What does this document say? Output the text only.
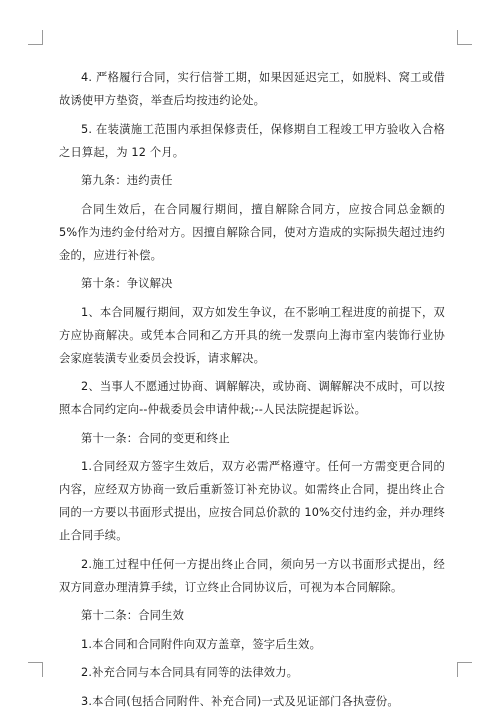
4. 严格履行合同，实行信誉工期，如果因延迟完工，如脱料、窝工或借故诱使甲方垫资，举查后均按违约论处。

5. 在装潢施工范围内承担保修责任，保修期自工程竣工甲方验收入合格之日算起，为 12 个月。

第九条：违约责任

合同生效后，在合同履行期间，擅自解除合同方，应按合同总金额的 5%作为违约金付给对方。因擅自解除合同，使对方造成的实际损失超过违约金的，应进行补偿。

第十条：争议解决

1、本合同履行期间，双方如发生争议，在不影响工程进度的前提下，双方应协商解决。或凭本合同和乙方开具的统一发票向上海市室内装饰行业协会家庭装潢专业委员会投诉，请求解决。

2、当事人不愿通过协商、调解解决，或协商、调解解决不成时，可以按照本合同约定向--仲裁委员会申请仲裁;--人民法院提起诉讼。

第十一条：合同的变更和终止

1.合同经双方签字生效后，双方必需严格遵守。任何一方需变更合同的内容，应经双方协商一致后重新签订补充协议。如需终止合同，提出终止合同的一方要以书面形式提出，应按合同总价款的 10%交付违约金，并办理终止合同手续。

2.施工过程中任何一方提出终止合同，须向另一方以书面形式提出，经双方同意办理清算手续，订立终止合同协议后，可视为本合同解除。

第十二条：合同生效

1.本合同和合同附件向双方盖章，签字后生效。

2.补充合同与本合同具有同等的法律效力。

3.本合同(包括合同附件、补充合同)一式及见证部门各执壹份。
